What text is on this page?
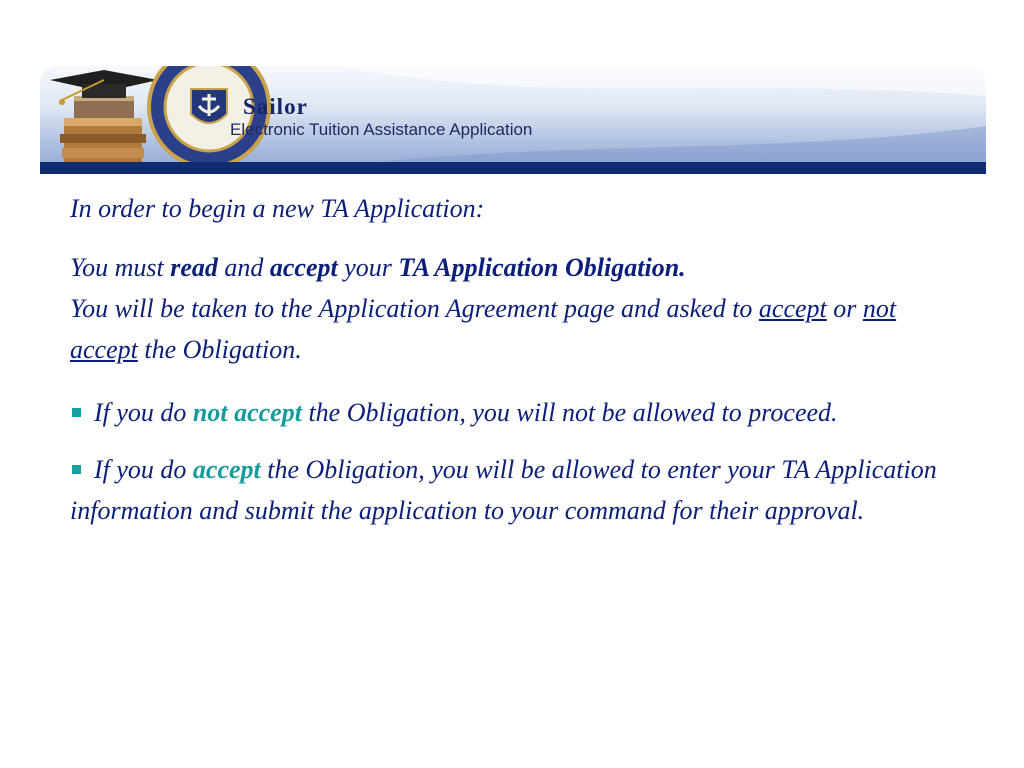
Sailor
Electronic Tuition Assistance Application

In order to begin a new TA Application:

You must read and accept your TA Application Obligation.
You will be taken to the Application Agreement page and asked to accept or not accept the Obligation.

If you do not accept the Obligation, you will not be allowed to proceed.

If you do accept the Obligation, you will be allowed to enter your TA Application information and submit the application to your command for their approval.
